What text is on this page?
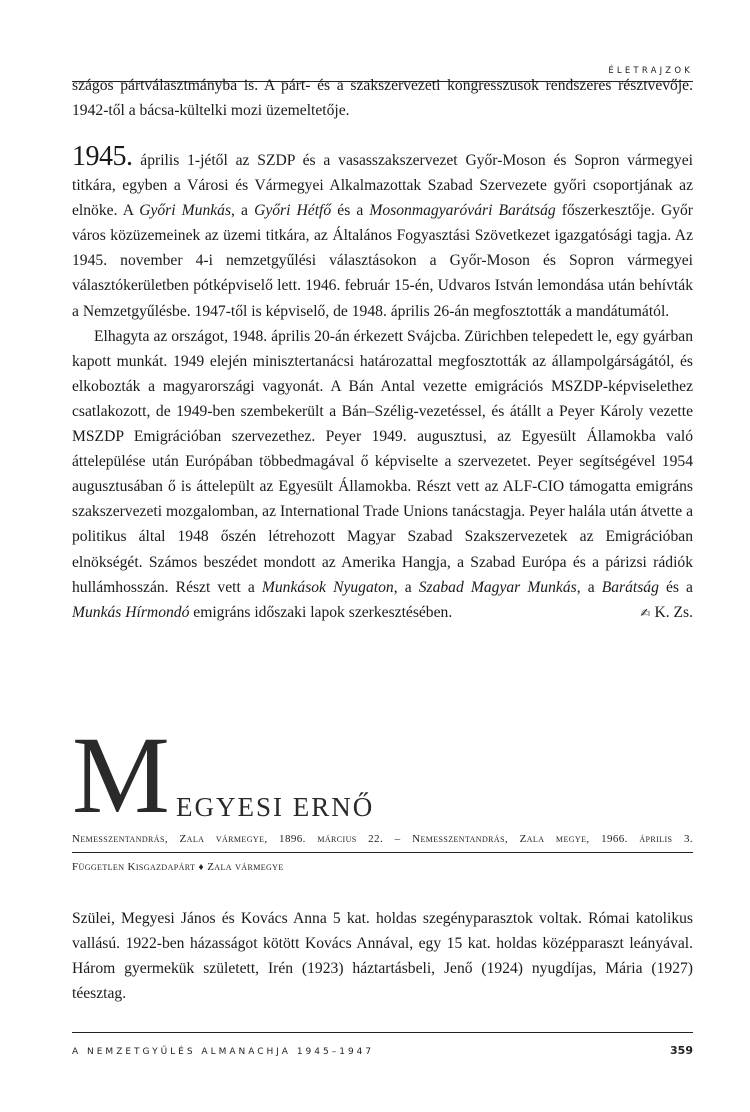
ÉLETRAJZOK

szágos pártválasztmányba is. A párt- és a szakszervezeti kongresszusok rendszeres résztvevője. 1942-től a bácsa-kültelki mozi üzemeltetője.

1945. április 1-jétől az SZDP és a vasasszakszervezet Győr-Moson és Sopron vármegyei titkára, egyben a Városi és Vármegyei Alkalmazottak Szabad Szervezete győri csoportjának az elnöke. A Győri Munkás, a Győri Hétfő és a Mosonmagyaróvári Barátság főszerkesztője. Győr város közüzemeinek az üzemi titkára, az Általános Fogyasztási Szövetkezet igazgatósági tagja. Az 1945. november 4-i nemzetgyűlési választásokon a Győr-Moson és Sopron vármegyei választókerületben pótképviselő lett. 1946. február 15-én, Udvaros István lemondása után behívták a Nemzetgyűlésbe. 1947-től is képviselő, de 1948. április 26-án megfosztották a mandátumától.

Elhagyta az országot, 1948. április 20-án érkezett Svájcba. Zürichben telepedett le, egy gyárban kapott munkát. 1949 elején minisztertanácsi határozattal megfosztották az állampolgárságától, és elkobozták a magyarországi vagyonát. A Bán Antal vezette emigrációs MSZDP-képviselethez csatlakozott, de 1949-ben szembekerült a Bán–Szélig-vezetéssel, és átállt a Peyer Károly vezette MSZDP Emigrációban szervezethez. Peyer 1949. augusztusi, az Egyesült Államokba való áttelepülése után Európában többedmagával ő képviselte a szervezetet. Peyer segítségével 1954 augusztusában ő is áttelepült az Egyesült Államokba. Részt vett az ALF-CIO támogatta emigráns szakszervezeti mozgalomban, az International Trade Unions tanácstagja. Peyer halála után átvette a politikus által 1948 őszén létrehozott Magyar Szabad Szakszervezetek az Emigrációban elnökségét. Számos beszédet mondott az Amerika Hangja, a Szabad Európa és a párizsi rádiók hullámhosszán. Részt vett a Munkások Nyugaton, a Szabad Magyar Munkás, a Barátság és a Munkás Hírmondó emigráns időszaki lapok szerkesztésében.	✍ K. Zs.

M EGYESI ERNŐ
Nemesszentandrás, Zala vármegye, 1896. március 22. – Nemesszentandrás, Zala megye, 1966. április 3.
Független Kisgazdapárt ♦ Zala vármegye

Szülei, Megyesi János és Kovács Anna 5 kat. holdas szegényparasztok voltak. Római katolikus vallású. 1922-ben házasságot kötött Kovács Annával, egy 15 kat. holdas középparaszt leányával. Három gyermekük született, Irén (1923) háztartásbeli, Jenő (1924) nyugdíjas, Mária (1927) téesztag.

A NEMZETGYŰLÉS ALMANACHJA 1945–1947	359
